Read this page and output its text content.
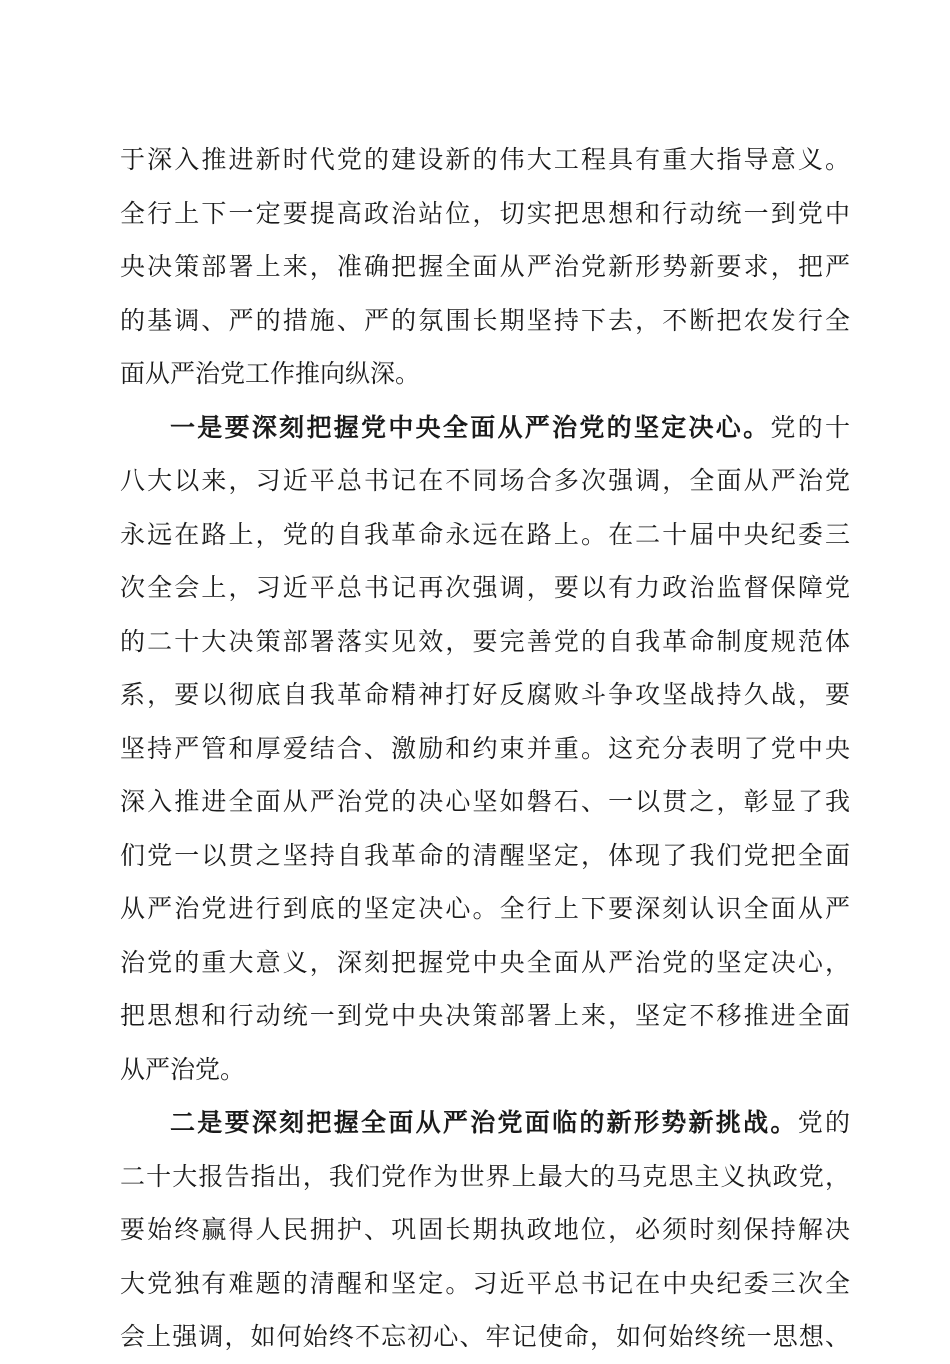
于深入推进新时代党的建设新的伟大工程具有重大指导意义。
全行上下一定要提高政治站位，切实把思想和行动统一到党中
央决策部署上来，准确把握全面从严治党新形势新要求，把严
的基调、严的措施、严的氛围长期坚持下去，不断把农发行全
面从严治党工作推向纵深。
一是要深刻把握党中央全面从严治党的坚定决心。党的十
八大以来，习近平总书记在不同场合多次强调，全面从严治党
永远在路上，党的自我革命永远在路上。在二十届中央纪委三
次全会上，习近平总书记再次强调，要以有力政治监督保障党
的二十大决策部署落实见效，要完善党的自我革命制度规范体
系，要以彻底自我革命精神打好反腐败斗争攻坚战持久战，要
坚持严管和厚爱结合、激励和约束并重。这充分表明了党中央
深入推进全面从严治党的决心坚如磐石、一以贯之，彰显了我
们党一以贯之坚持自我革命的清醒坚定，体现了我们党把全面
从严治党进行到底的坚定决心。全行上下要深刻认识全面从严
治党的重大意义，深刻把握党中央全面从严治党的坚定决心，
把思想和行动统一到党中央决策部署上来，坚定不移推进全面
从严治党。
二是要深刻把握全面从严治党面临的新形势新挑战。党的
二十大报告指出，我们党作为世界上最大的马克思主义执政党，
要始终赢得人民拥护、巩固长期执政地位，必须时刻保持解决
大党独有难题的清醒和坚定。习近平总书记在中央纪委三次全
会上强调，如何始终不忘初心、牢记使命，如何始终统一思想、
